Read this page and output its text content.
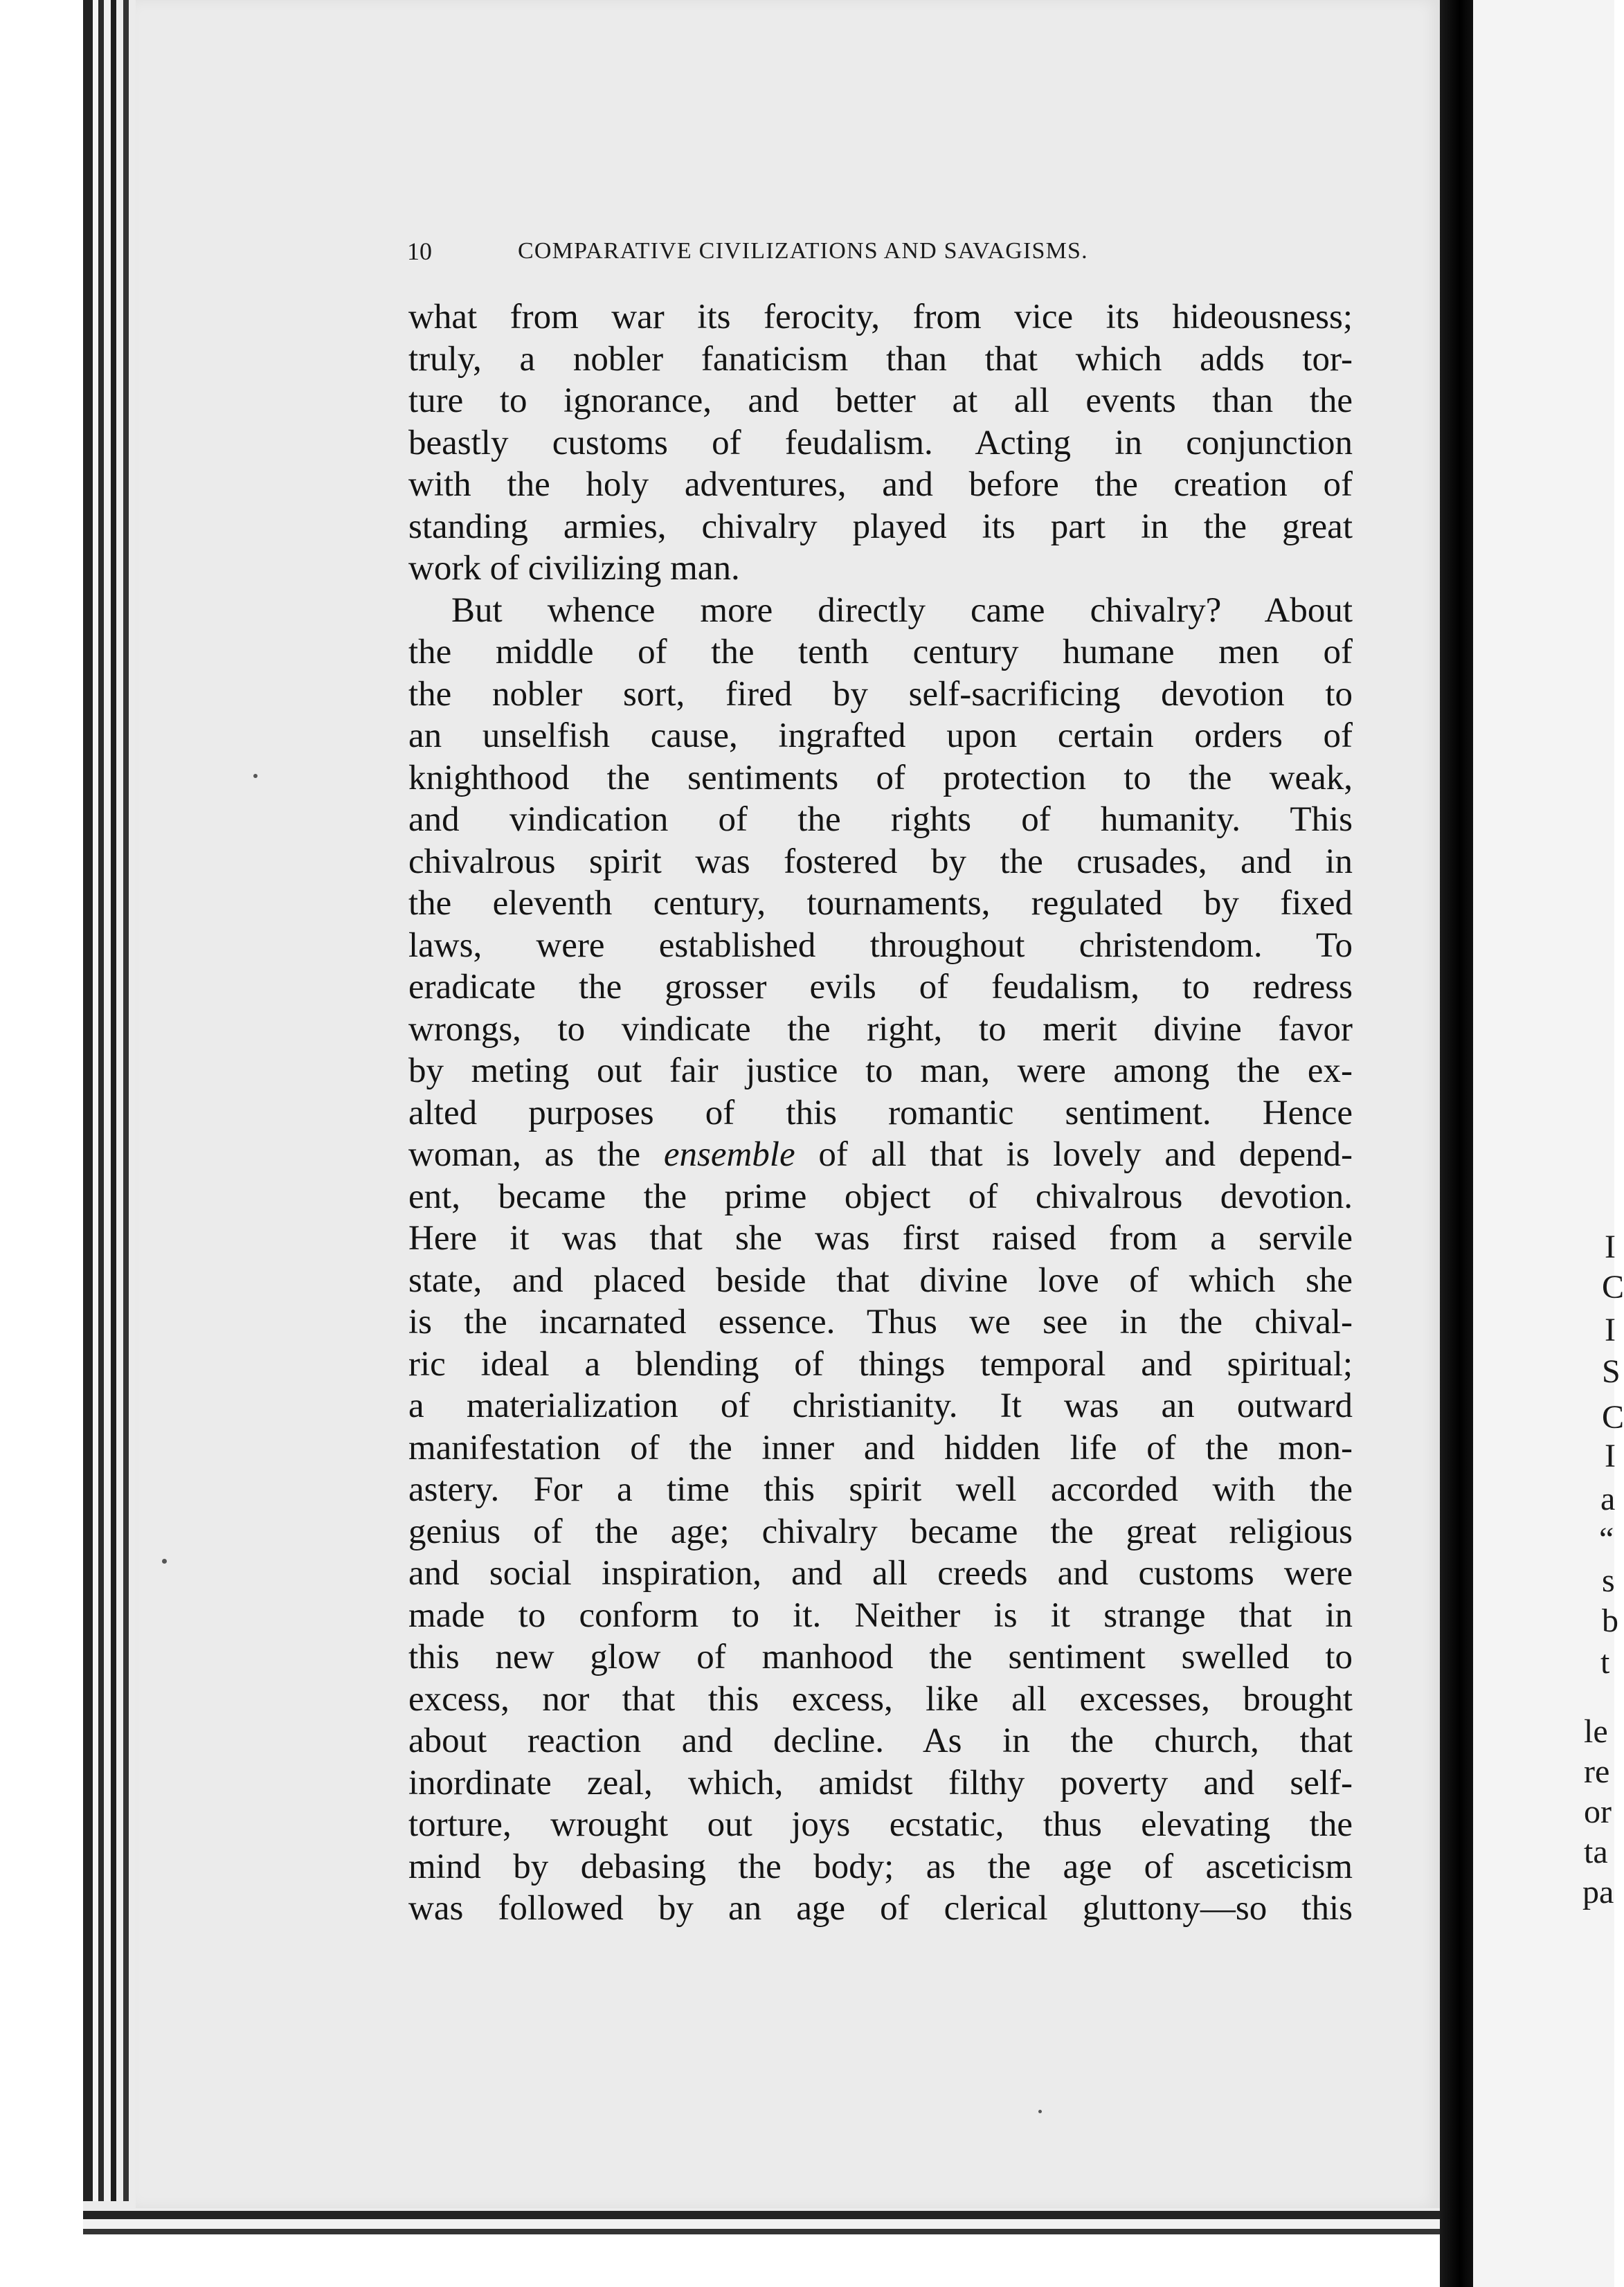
10	COMPARATIVE CIVILIZATIONS AND SAVAGISMS.
what from war its ferocity, from vice its hideousness;
truly, a nobler fanaticism than that which adds tor-
ture to ignorance, and better at all events than the
beastly customs of feudalism. Acting in conjunction
with the holy adventures, and before the creation of
standing armies, chivalry played its part in the great
work of civilizing man.
But whence more directly came chivalry? About
the middle of the tenth century humane men of
the nobler sort, fired by self-sacrificing devotion to
an unselfish cause, ingrafted upon certain orders of
knighthood the sentiments of protection to the weak,
and vindication of the rights of humanity. This
chivalrous spirit was fostered by the crusades, and in
the eleventh century, tournaments, regulated by fixed
laws, were established throughout christendom. To
eradicate the grosser evils of feudalism, to redress
wrongs, to vindicate the right, to merit divine favor
by meting out fair justice to man, were among the ex-
alted purposes of this romantic sentiment. Hence
woman, as the ensemble of all that is lovely and depend-
ent, became the prime object of chivalrous devotion.
Here it was that she was first raised from a servile
state, and placed beside that divine love of which she
is the incarnated essence. Thus we see in the chival-
ric ideal a blending of things temporal and spiritual;
a materialization of christianity. It was an outward
manifestation of the inner and hidden life of the mon-
astery. For a time this spirit well accorded with the
genius of the age; chivalry became the great religious
and social inspiration, and all creeds and customs were
made to conform to it. Neither is it strange that in
this new glow of manhood the sentiment swelled to
excess, nor that this excess, like all excesses, brought
about reaction and decline. As in the church, that
inordinate zeal, which, amidst filthy poverty and self-
torture, wrought out joys ecstatic, thus elevating the
mind by debasing the body; as the age of asceticism
was followed by an age of clerical gluttony—so this
I
C
I
S
C
I
a
“
s
b
t
le
re
or
ta
pa
